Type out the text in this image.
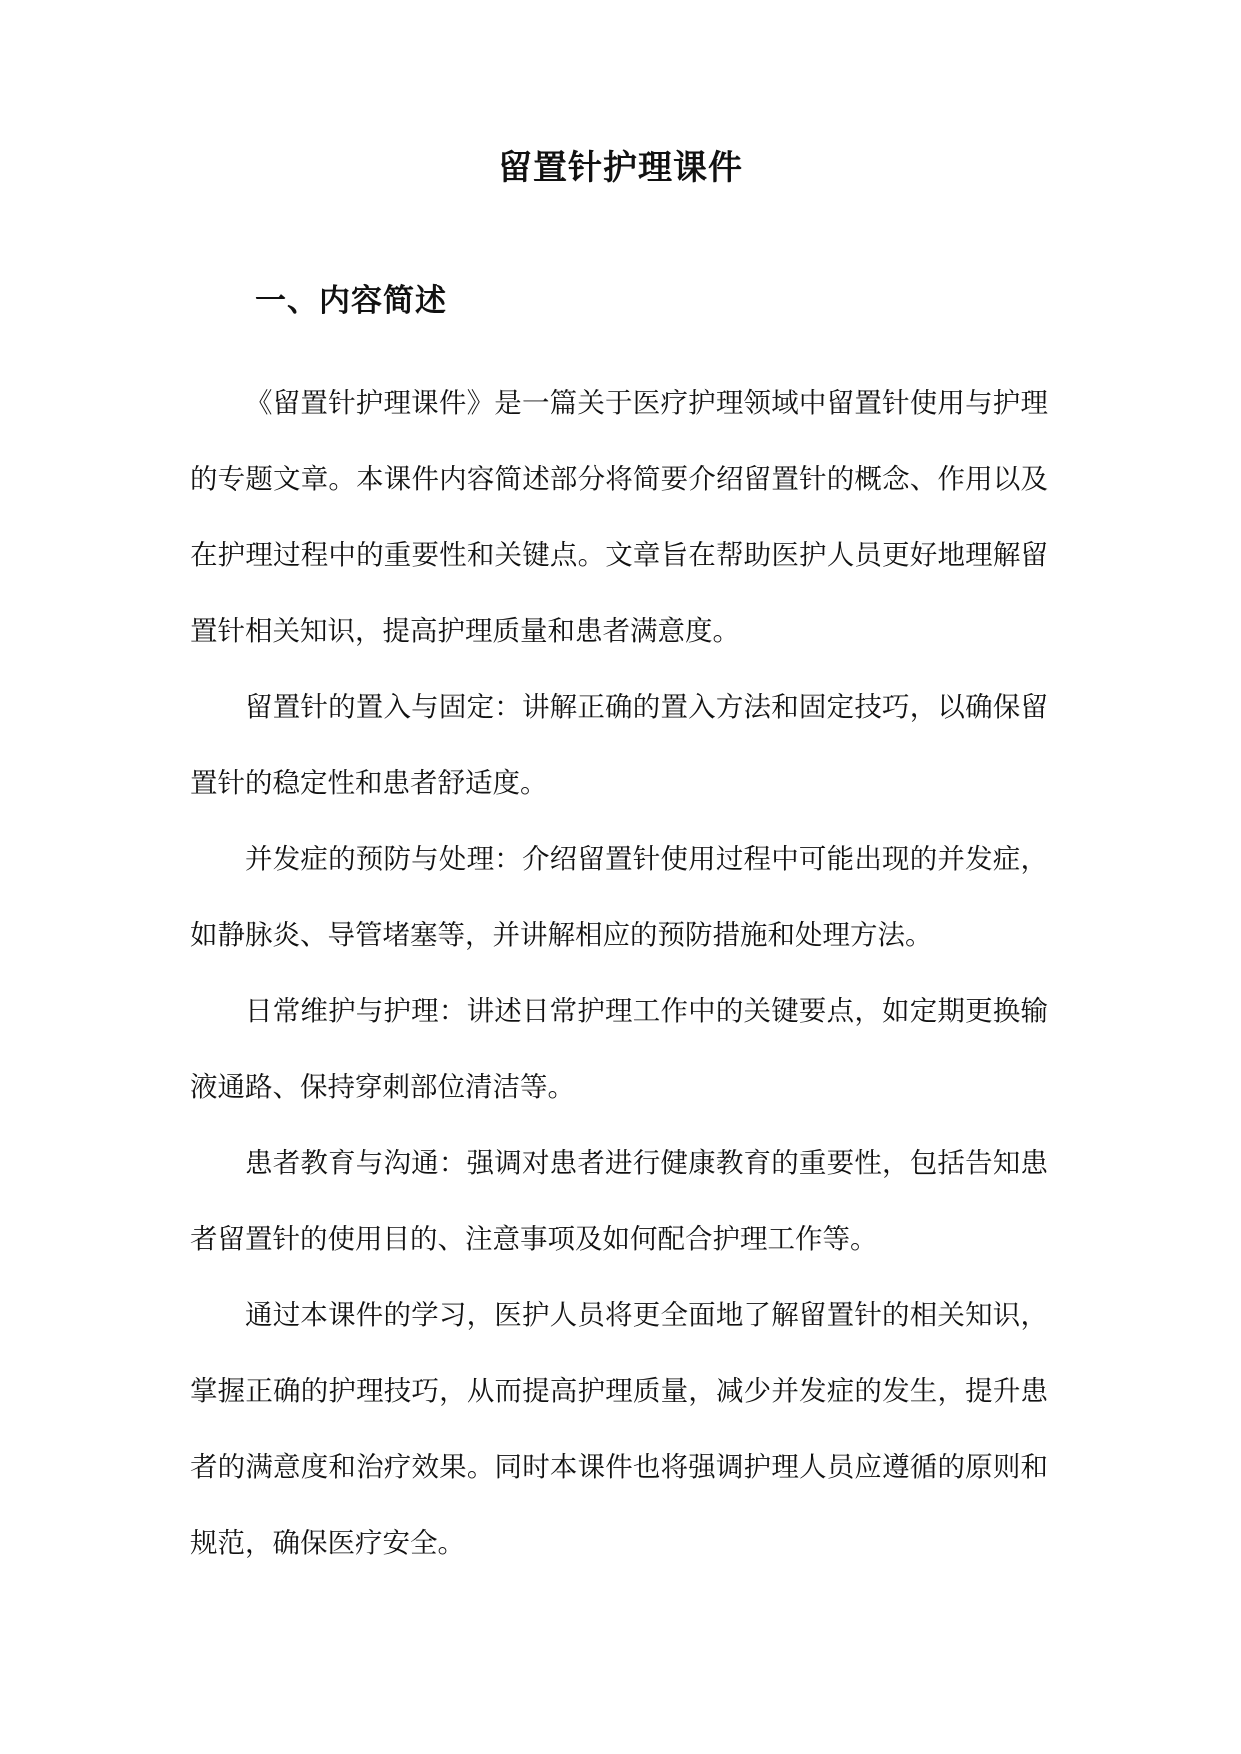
留置针护理课件
一、内容简述

《留置针护理课件》是一篇关于医疗护理领域中留置针使用与护理的专题文章。本课件内容简述部分将简要介绍留置针的概念、作用以及在护理过程中的重要性和关键点。文章旨在帮助医护人员更好地理解留置针相关知识，提高护理质量和患者满意度。

留置针的置入与固定：讲解正确的置入方法和固定技巧，以确保留置针的稳定性和患者舒适度。

并发症的预防与处理：介绍留置针使用过程中可能出现的并发症，如静脉炎、导管堵塞等，并讲解相应的预防措施和处理方法。

日常维护与护理：讲述日常护理工作中的关键要点，如定期更换输液通路、保持穿刺部位清洁等。

患者教育与沟通：强调对患者进行健康教育的重要性，包括告知患者留置针的使用目的、注意事项及如何配合护理工作等。

通过本课件的学习，医护人员将更全面地了解留置针的相关知识，掌握正确的护理技巧，从而提高护理质量，减少并发症的发生，提升患者的满意度和治疗效果。同时本课件也将强调护理人员应遵循的原则和规范，确保医疗安全。
